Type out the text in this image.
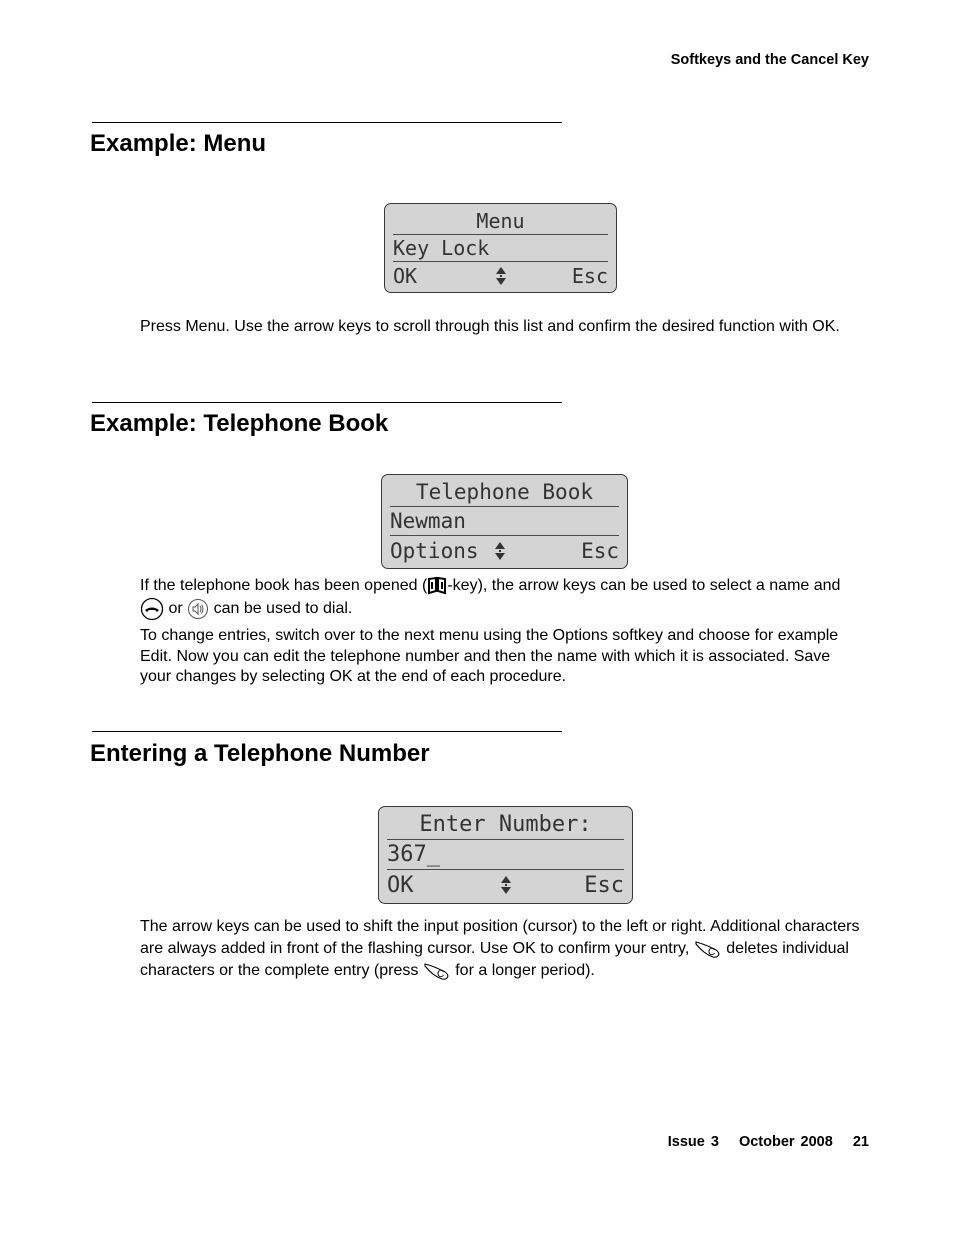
Softkeys and the Cancel Key
Example: Menu
Menu
Key Lock
OK	Esc

Press Menu. Use the arrow keys to scroll through this list and confirm the desired function with OK.

Example: Telephone Book
Telephone Book
Newman
Options	Esc

If the telephone book has been opened ( -key), the arrow keys can be used to select a name and  or  can be used to dial.

To change entries, switch over to the next menu using the Options softkey and choose for example Edit. Now you can edit the telephone number and then the name with which it is associated. Save your changes by selecting OK at the end of each procedure.

Entering a Telephone Number
Enter Number:
367_
OK	Esc

The arrow keys can be used to shift the input position (cursor) to the left or right. Additional characters are always added in front of the flashing cursor. Use OK to confirm your entry, C deletes individual characters or the complete entry (press C for a longer period).

Issue 3 October 2008 21
